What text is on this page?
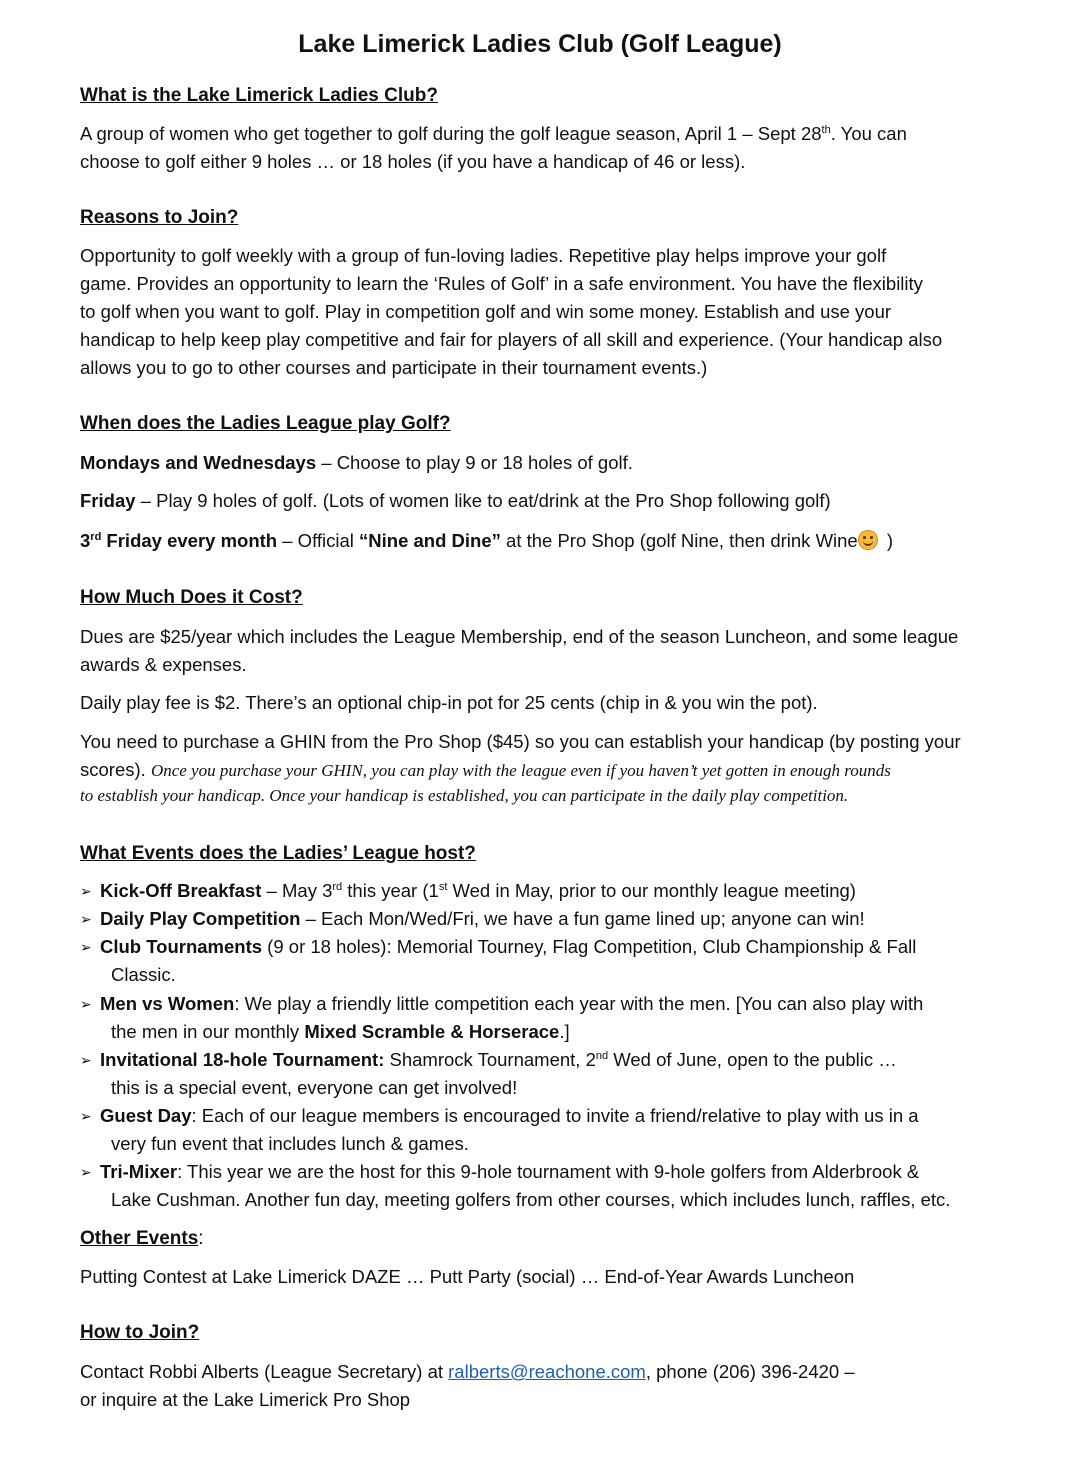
Lake Limerick Ladies Club (Golf League)
What is the Lake Limerick Ladies Club?
A group of women who get together to golf during the golf league season, April 1 – Sept 28th. You can
choose to golf either 9 holes … or 18 holes (if you have a handicap of 46 or less).
Reasons to Join?
Opportunity to golf weekly with a group of fun-loving ladies. Repetitive play helps improve your golf
game. Provides an opportunity to learn the ‘Rules of Golf’ in a safe environment. You have the flexibility
to golf when you want to golf. Play in competition golf and win some money. Establish and use your
handicap to help keep play competitive and fair for players of all skill and experience. (Your handicap also
allows you to go to other courses and participate in their tournament events.)
When does the Ladies League play Golf?
Mondays and Wednesdays – Choose to play 9 or 18 holes of golf.
Friday – Play 9 holes of golf. (Lots of women like to eat/drink at the Pro Shop following golf)
3rd Friday every month – Official “Nine and Dine” at the Pro Shop (golf Nine, then drink Wine
)
How Much Does it Cost?
Dues are $25/year which includes the League Membership, end of the season Luncheon, and some league
awards & expenses.
Daily play fee is $2. There’s an optional chip-in pot for 25 cents (chip in & you win the pot).
You need to purchase a GHIN from the Pro Shop ($45) so you can establish your handicap (by posting your
scores). Once you purchase your GHIN, you can play with the league even if you haven’t yet gotten in enough rounds
to establish your handicap. Once your handicap is established, you can participate in the daily play competition.
What Events does the Ladies’ League host?
➢ Kick-Off Breakfast – May 3rd this year (1st Wed in May, prior to our monthly league meeting)
➢ Daily Play Competition – Each Mon/Wed/Fri, we have a fun game lined up; anyone can win!
➢ Club Tournaments (9 or 18 holes): Memorial Tourney, Flag Competition, Club Championship & Fall
Classic.
➢ Men vs Women: We play a friendly little competition each year with the men. [You can also play with
the men in our monthly Mixed Scramble & Horserace.]
➢ Invitational 18-hole Tournament: Shamrock Tournament, 2nd Wed of June, open to the public …
this is a special event, everyone can get involved!
➢ Guest Day: Each of our league members is encouraged to invite a friend/relative to play with us in a
very fun event that includes lunch & games.
➢ Tri-Mixer: This year we are the host for this 9-hole tournament with 9-hole golfers from Alderbrook &
Lake Cushman. Another fun day, meeting golfers from other courses, which includes lunch, raffles, etc.
Other Events:
Putting Contest at Lake Limerick DAZE … Putt Party (social) … End-of-Year Awards Luncheon
How to Join?
Contact Robbi Alberts (League Secretary) at ralberts@reachone.com, phone (206) 396-2420 –
or inquire at the Lake Limerick Pro Shop
